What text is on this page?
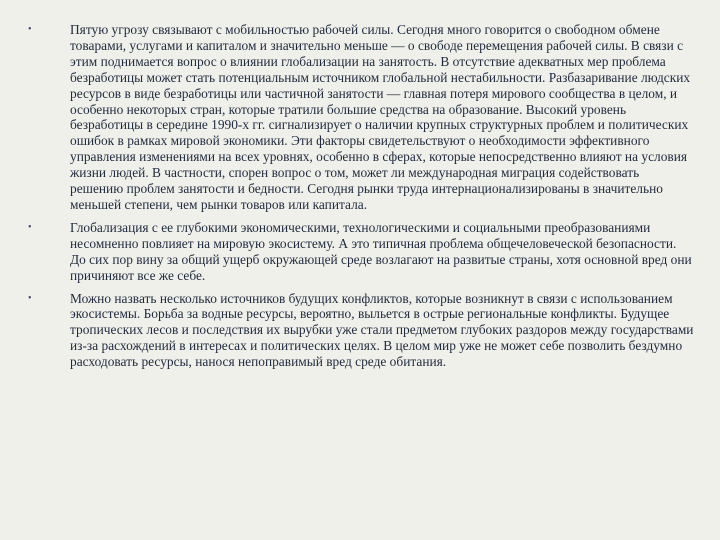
•	Пятую угрозу связывают с мобильностью рабочей силы. Сегодня много говорится о свободном обмене товарами, услугами и капиталом и значительно меньше — о свободе перемещения рабочей силы. В связи с этим поднимается вопрос о влиянии глобализации на занятость. В отсутствие адекватных мер проблема безработицы может стать потенциальным источником глобальной нестабильности. Разбазаривание людских ресурсов в виде безработицы или частичной занятости — главная потеря мирового сообщества в целом, и особенно некоторых стран, которые тратили большие средства на образование. Высокий уровень безработицы в середине 1990-х гг. сигнализирует о наличии крупных структурных проблем и политических ошибок в рамках мировой экономики. Эти факторы свидетельствуют о необходимости эффективного управления изменениями на всех уровнях, особенно в сферах, которые непосредственно влияют на условия жизни людей. В частности, спорен вопрос о том, может ли международная миграция содействовать решению проблем занятости и бедности. Сегодня рынки труда интернационализированы в значительно меньшей степени, чем рынки товаров или капитала.
•	Глобализация с ее глубокими экономическими, технологическими и социальными преобразованиями несомненно повлияет на мировую экосистему. А это типичная проблема общечеловеческой безопасности. До сих пор вину за общий ущерб окружающей среде возлагают на развитые страны, хотя основной вред они причиняют все же себе.
•	Можно назвать несколько источников будущих конфликтов, которые возникнут в связи с использованием экосистемы. Борьба за водные ресурсы, вероятно, выльется в острые региональные конфликты. Будущее тропических лесов и последствия их вырубки уже стали предметом глубоких раздоров между государствами из-за расхождений в интересах и политических целях. В целом мир уже не может себе позволить бездумно расходовать ресурсы, нанося непоправимый вред среде обитания.
